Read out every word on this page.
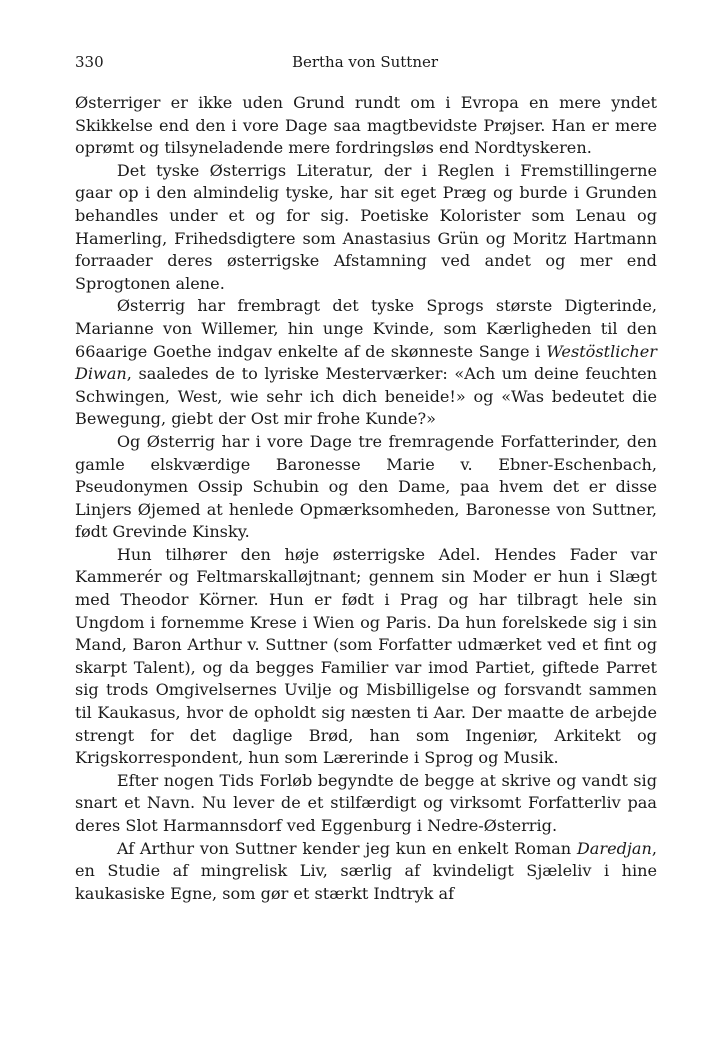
330	Bertha von Suttner

Østerriger er ikke uden Grund rundt om i Evropa en mere yndet Skikkelse end den i vore Dage saa magtbevidste Prøjser. Han er mere oprømt og tilsyneladende mere fordringsløs end Nordtyskeren.

Det tyske Østerrigs Literatur, der i Reglen i Fremstillingerne gaar op i den almindelig tyske, har sit eget Præg og burde i Grunden behandles under et og for sig. Poetiske Kolorister som Lenau og Hamerling, Frihedsdigtere som Anastasius Grün og Moritz Hartmann forraader deres østerrigske Afstamning ved andet og mer end Sprogtonen alene.

Østerrig har frembragt det tyske Sprogs største Digterinde, Marianne von Willemer, hin unge Kvinde, som Kærligheden til den 66aarige Goethe indgav enkelte af de skønneste Sange i Westöstlicher Diwan, saaledes de to lyriske Mesterværker: «Ach um deine feuchten Schwingen, West, wie sehr ich dich beneide!» og «Was bedeutet die Bewegung, giebt der Ost mir frohe Kunde?»

Og Østerrig har i vore Dage tre fremragende Forfatterinder, den gamle elskværdige Baronesse Marie v. Ebner-Eschenbach, Pseudonymen Ossip Schubin og den Dame, paa hvem det er disse Linjers Øjemed at henlede Opmærksomheden, Baronesse von Suttner, født Grevinde Kinsky.

Hun tilhører den høje østerrigske Adel. Hendes Fader var Kammerér og Feltmarskalløjtnant; gennem sin Moder er hun i Slægt med Theodor Körner. Hun er født i Prag og har tilbragt hele sin Ungdom i fornemme Krese i Wien og Paris. Da hun forelskede sig i sin Mand, Baron Arthur v. Suttner (som Forfatter udmærket ved et fint og skarpt Talent), og da begges Familier var imod Partiet, giftede Parret sig trods Omgivelsernes Uvilje og Misbilligelse og forsvandt sammen til Kaukasus, hvor de opholdt sig næsten ti Aar. Der maatte de arbejde strengt for det daglige Brød, han som Ingeniør, Arkitekt og Krigskorrespondent, hun som Lærerinde i Sprog og Musik.

Efter nogen Tids Forløb begyndte de begge at skrive og vandt sig snart et Navn. Nu lever de et stilfærdigt og virksomt Forfatterliv paa deres Slot Harmannsdorf ved Eggenburg i Nedre-Østerrig.

Af Arthur von Suttner kender jeg kun en enkelt Roman Daredjan, en Studie af mingrelisk Liv, særlig af kvindeligt Sjæleliv i hine kaukasiske Egne, som gør et stærkt Indtryk af
